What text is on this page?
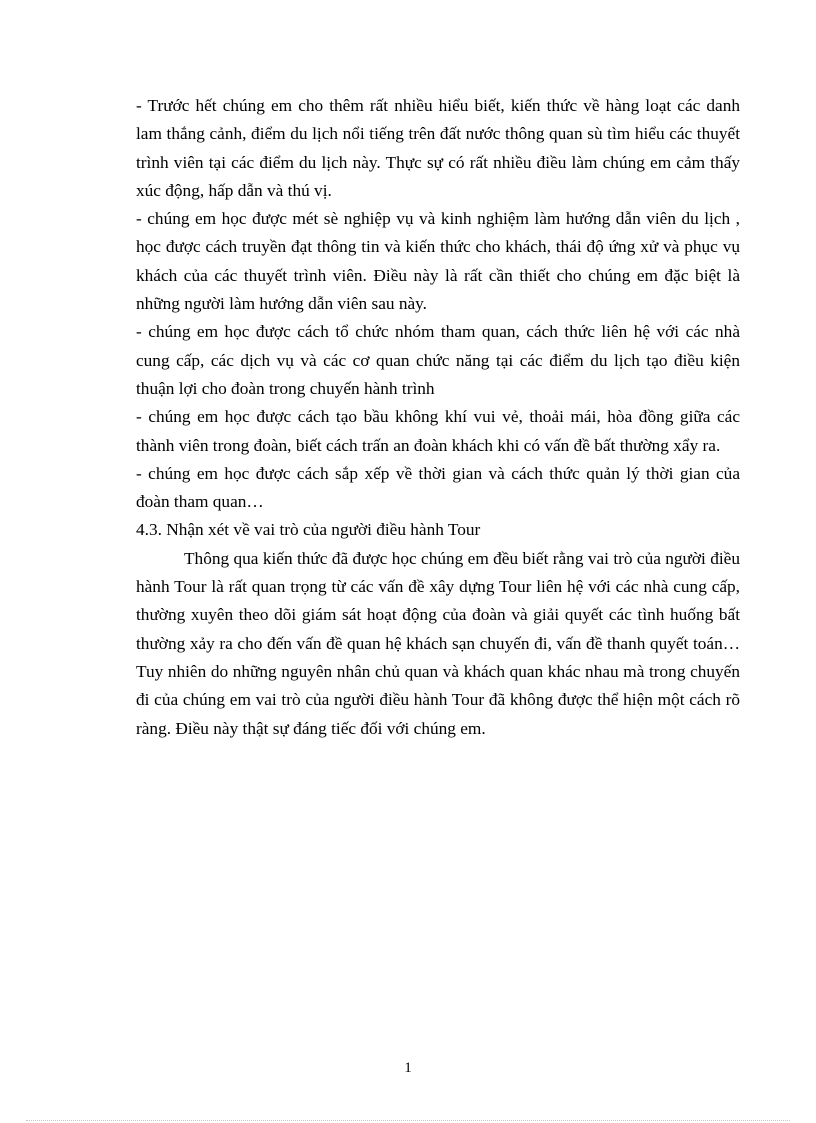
- Trước hết chúng em cho thêm rất nhiều hiểu biết, kiến thức về hàng loạt các danh lam thắng cảnh, điểm du lịch nổi tiếng trên đất nước thông quan sù tìm hiểu các thuyết trình viên tại các điểm du lịch này. Thực sự có rất nhiều điều làm chúng em cảm thấy xúc động, hấp dẫn và thú vị.

- chúng em học được mét sè nghiệp vụ và kinh nghiệm làm hướng dẫn viên du lịch , học được cách truyền đạt thông tin và kiến thức cho khách, thái độ ứng xử và phục vụ khách của các thuyết trình viên. Điều này là rất cần thiết cho chúng em đặc biệt là những người làm hướng dẫn viên sau này.

- chúng em học được cách tổ chức nhóm tham quan, cách thức liên hệ với các nhà cung cấp, các dịch vụ và các cơ quan chức năng tại các điểm du lịch tạo điều kiện thuận lợi cho đoàn trong chuyến hành trình

- chúng em học được cách tạo bầu không khí vui vẻ, thoải mái, hòa đồng giữa các thành viên trong đoàn, biết cách trấn an đoàn khách khi có vấn đề bất thường xẩy ra.

- chúng em học được cách sắp xếp về thời gian và cách thức quản lý thời gian của đoàn tham quan…

4.3. Nhận xét về vai trò của người điều hành Tour

Thông qua kiến thức đã được học chúng em đều biết rằng vai trò của người điều hành Tour là rất quan trọng từ các vấn đề xây dựng Tour liên hệ với các nhà cung cấp, thường xuyên theo dõi giám sát hoạt động của đoàn và giải quyết các tình huống bất thường xảy ra cho đến vấn đề quan hệ khách sạn chuyến đi, vấn đề thanh quyết toán… Tuy nhiên do những nguyên nhân chủ quan và khách quan khác nhau mà trong chuyến đi của chúng em vai trò của người điều hành Tour đã không được thể hiện một cách rõ ràng. Điều này thật sự đáng tiếc đối với chúng em.

1
